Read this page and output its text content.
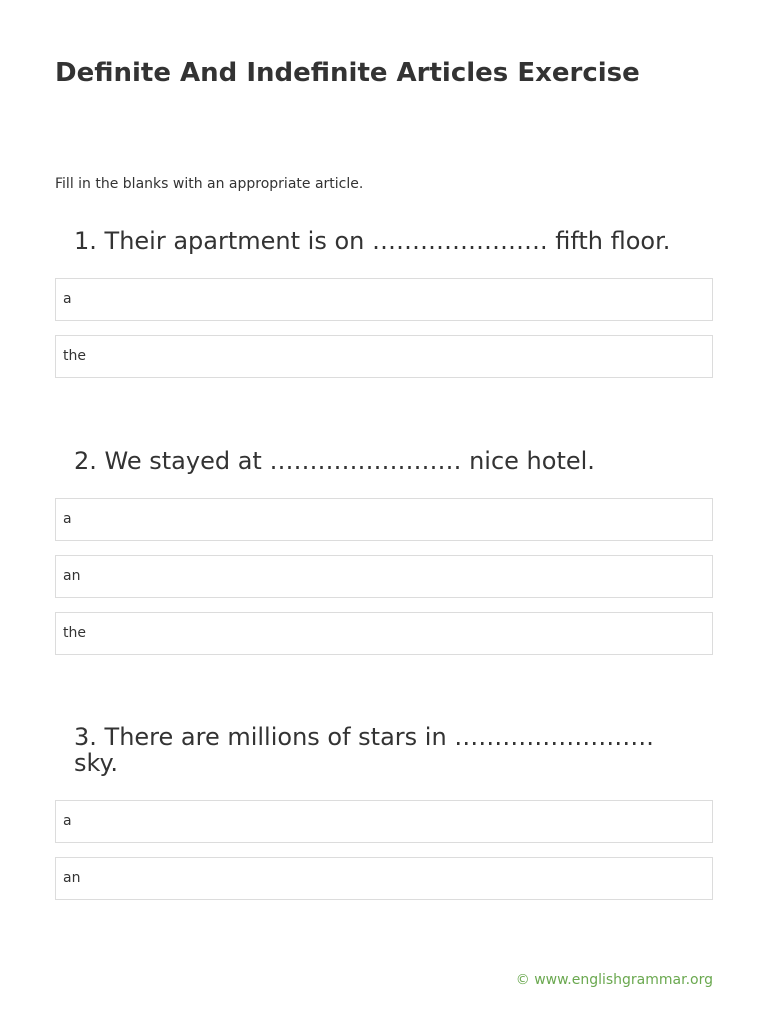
Definite And Indefinite Articles Exercise

Fill in the blanks with an appropriate article.

1. Their apartment is on …………………. fifth floor.

a
the

2. We stayed at …………………… nice hotel.

a
an
the

3. There are millions of stars in ……………………. sky.

a
an
© www.englishgrammar.org
